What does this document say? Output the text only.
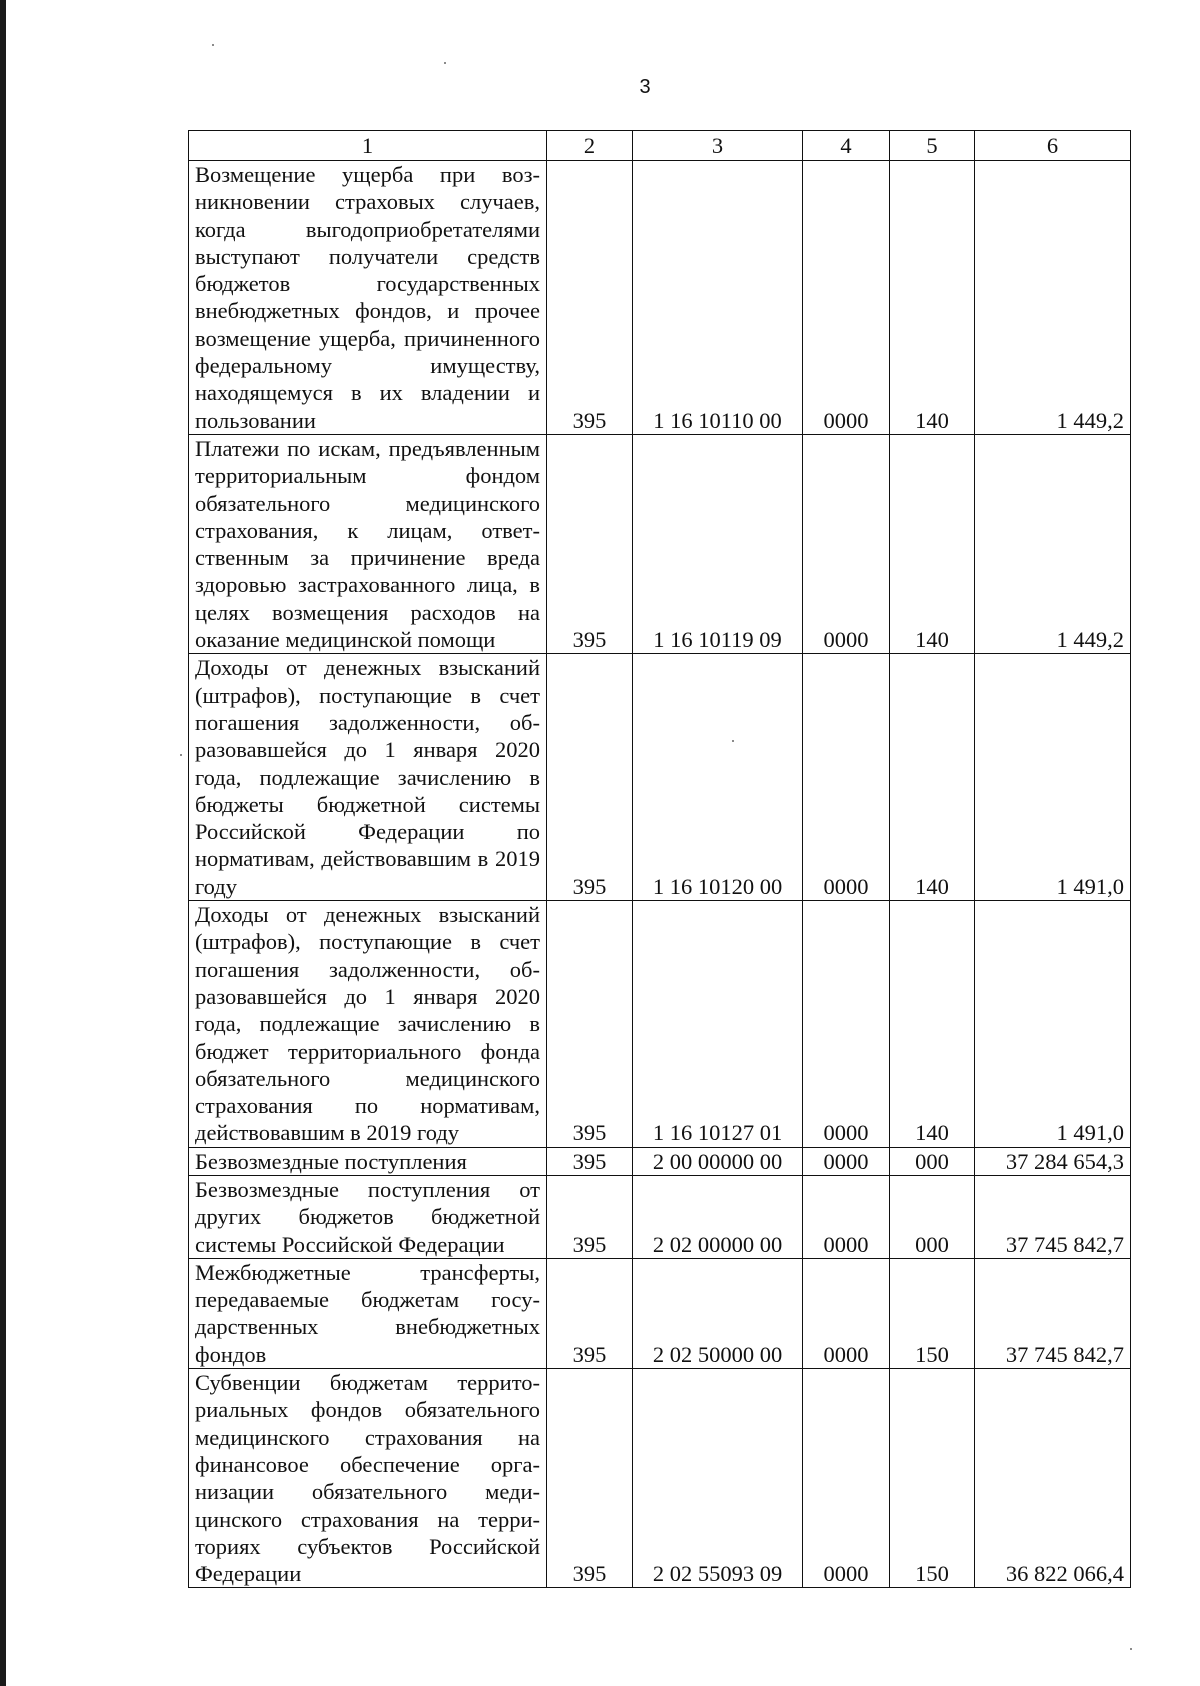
3
1	2	3	4	5	6
Возмещение ущерба при возникновении страховых случаев, когда выгодоприобретателями выступают получатели средств бюджетов государственных внебюджетных фондов, и прочее возмещение ущерба, причиненного федеральному имуществу, находящемуся в их владении и пользовании	395	1 16 10110 00	0000	140	1 449,2
Платежи по искам, предъявленным территориальным фондом обязательного медицинского страхования, к лицам, ответственным за причинение вреда здоровью застрахованного лица, в целях возмещения расходов на оказание медицинской помощи	395	1 16 10119 09	0000	140	1 449,2
Доходы от денежных взысканий (штрафов), поступающие в счет погашения задолженности, образовавшейся до 1 января 2020 года, подлежащие зачислению в бюджеты бюджетной системы Российской Федерации по нормативам, действовавшим в 2019 году	395	1 16 10120 00	0000	140	1 491,0
Доходы от денежных взысканий (штрафов), поступающие в счет погашения задолженности, образовавшейся до 1 января 2020 года, подлежащие зачислению в бюджет территориального фонда обязательного медицинского страхования по нормативам, действовавшим в 2019 году	395	1 16 10127 01	0000	140	1 491,0
Безвозмездные поступления	395	2 00 00000 00	0000	000	37 284 654,3
Безвозмездные поступления от других бюджетов бюджетной системы Российской Федерации	395	2 02 00000 00	0000	000	37 745 842,7
Межбюджетные трансферты, передаваемые бюджетам государственных внебюджетных фондов	395	2 02 50000 00	0000	150	37 745 842,7
Субвенции бюджетам территориальных фондов обязательного медицинского страхования на финансовое обеспечение организации обязательного медицинского страхования на территориях субъектов Российской Федерации	395	2 02 55093 09	0000	150	36 822 066,4
